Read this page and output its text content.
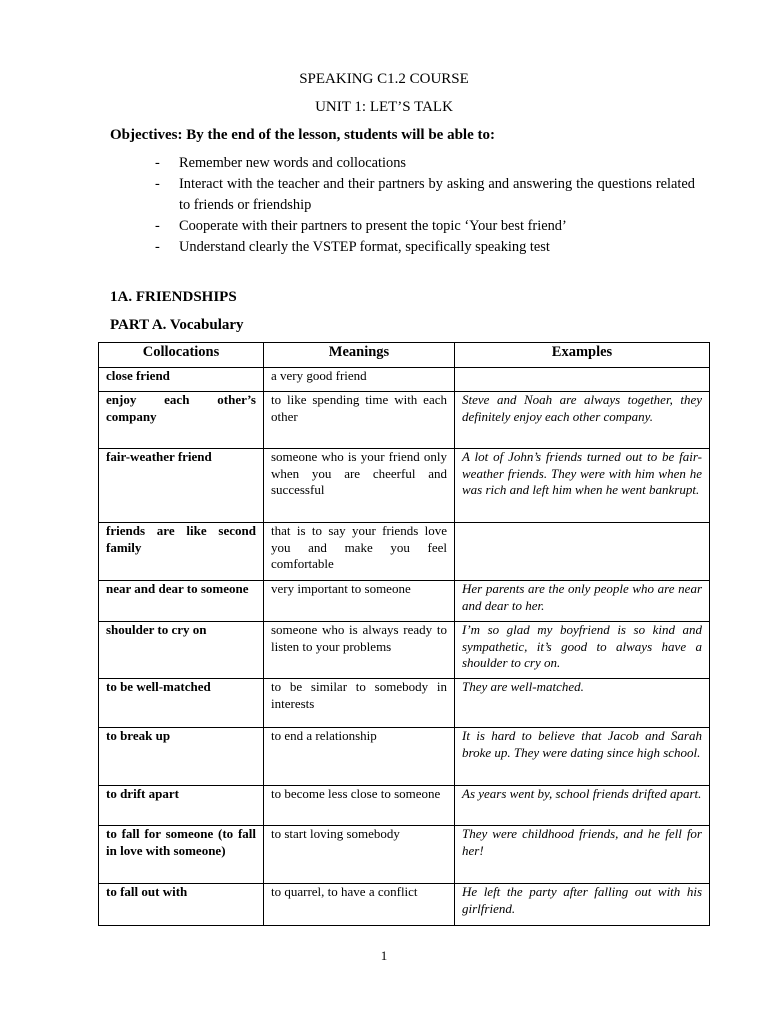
SPEAKING C1.2 COURSE
UNIT 1: LET’S TALK
Objectives: By the end of the lesson, students will be able to:
- Remember new words and collocations
- Interact with the teacher and their partners by asking and answering the questions related to friends or friendship
- Cooperate with their partners to present the topic ‘Your best friend’
- Understand clearly the VSTEP format, specifically speaking test
1A. FRIENDSHIPS
PART A. Vocabulary
Collocations	Meanings	Examples
close friend	a very good friend	
enjoy each other’s company	to like spending time with each other	Steve and Noah are always together, they definitely enjoy each other company.
fair-weather friend	someone who is your friend only when you are cheerful and successful	A lot of John’s friends turned out to be fair-weather friends. They were with him when he was rich and left him when he went bankrupt.
friends are like second family	that is to say your friends love you and make you feel comfortable	
near and dear to someone	very important to someone	Her parents are the only people who are near and dear to her.
shoulder to cry on	someone who is always ready to listen to your problems	I’m so glad my boyfriend is so kind and sympathetic, it’s good to always have a shoulder to cry on.
to be well-matched	to be similar to somebody in interests	They are well-matched.
to break up	to end a relationship	It is hard to believe that Jacob and Sarah broke up. They were dating since high school.
to drift apart	to become less close to someone	As years went by, school friends drifted apart.
to fall for someone (to fall in love with someone)	to start loving somebody	They were childhood friends, and he fell for her!
to fall out with	to quarrel, to have a conflict	He left the party after falling out with his girlfriend.
1
